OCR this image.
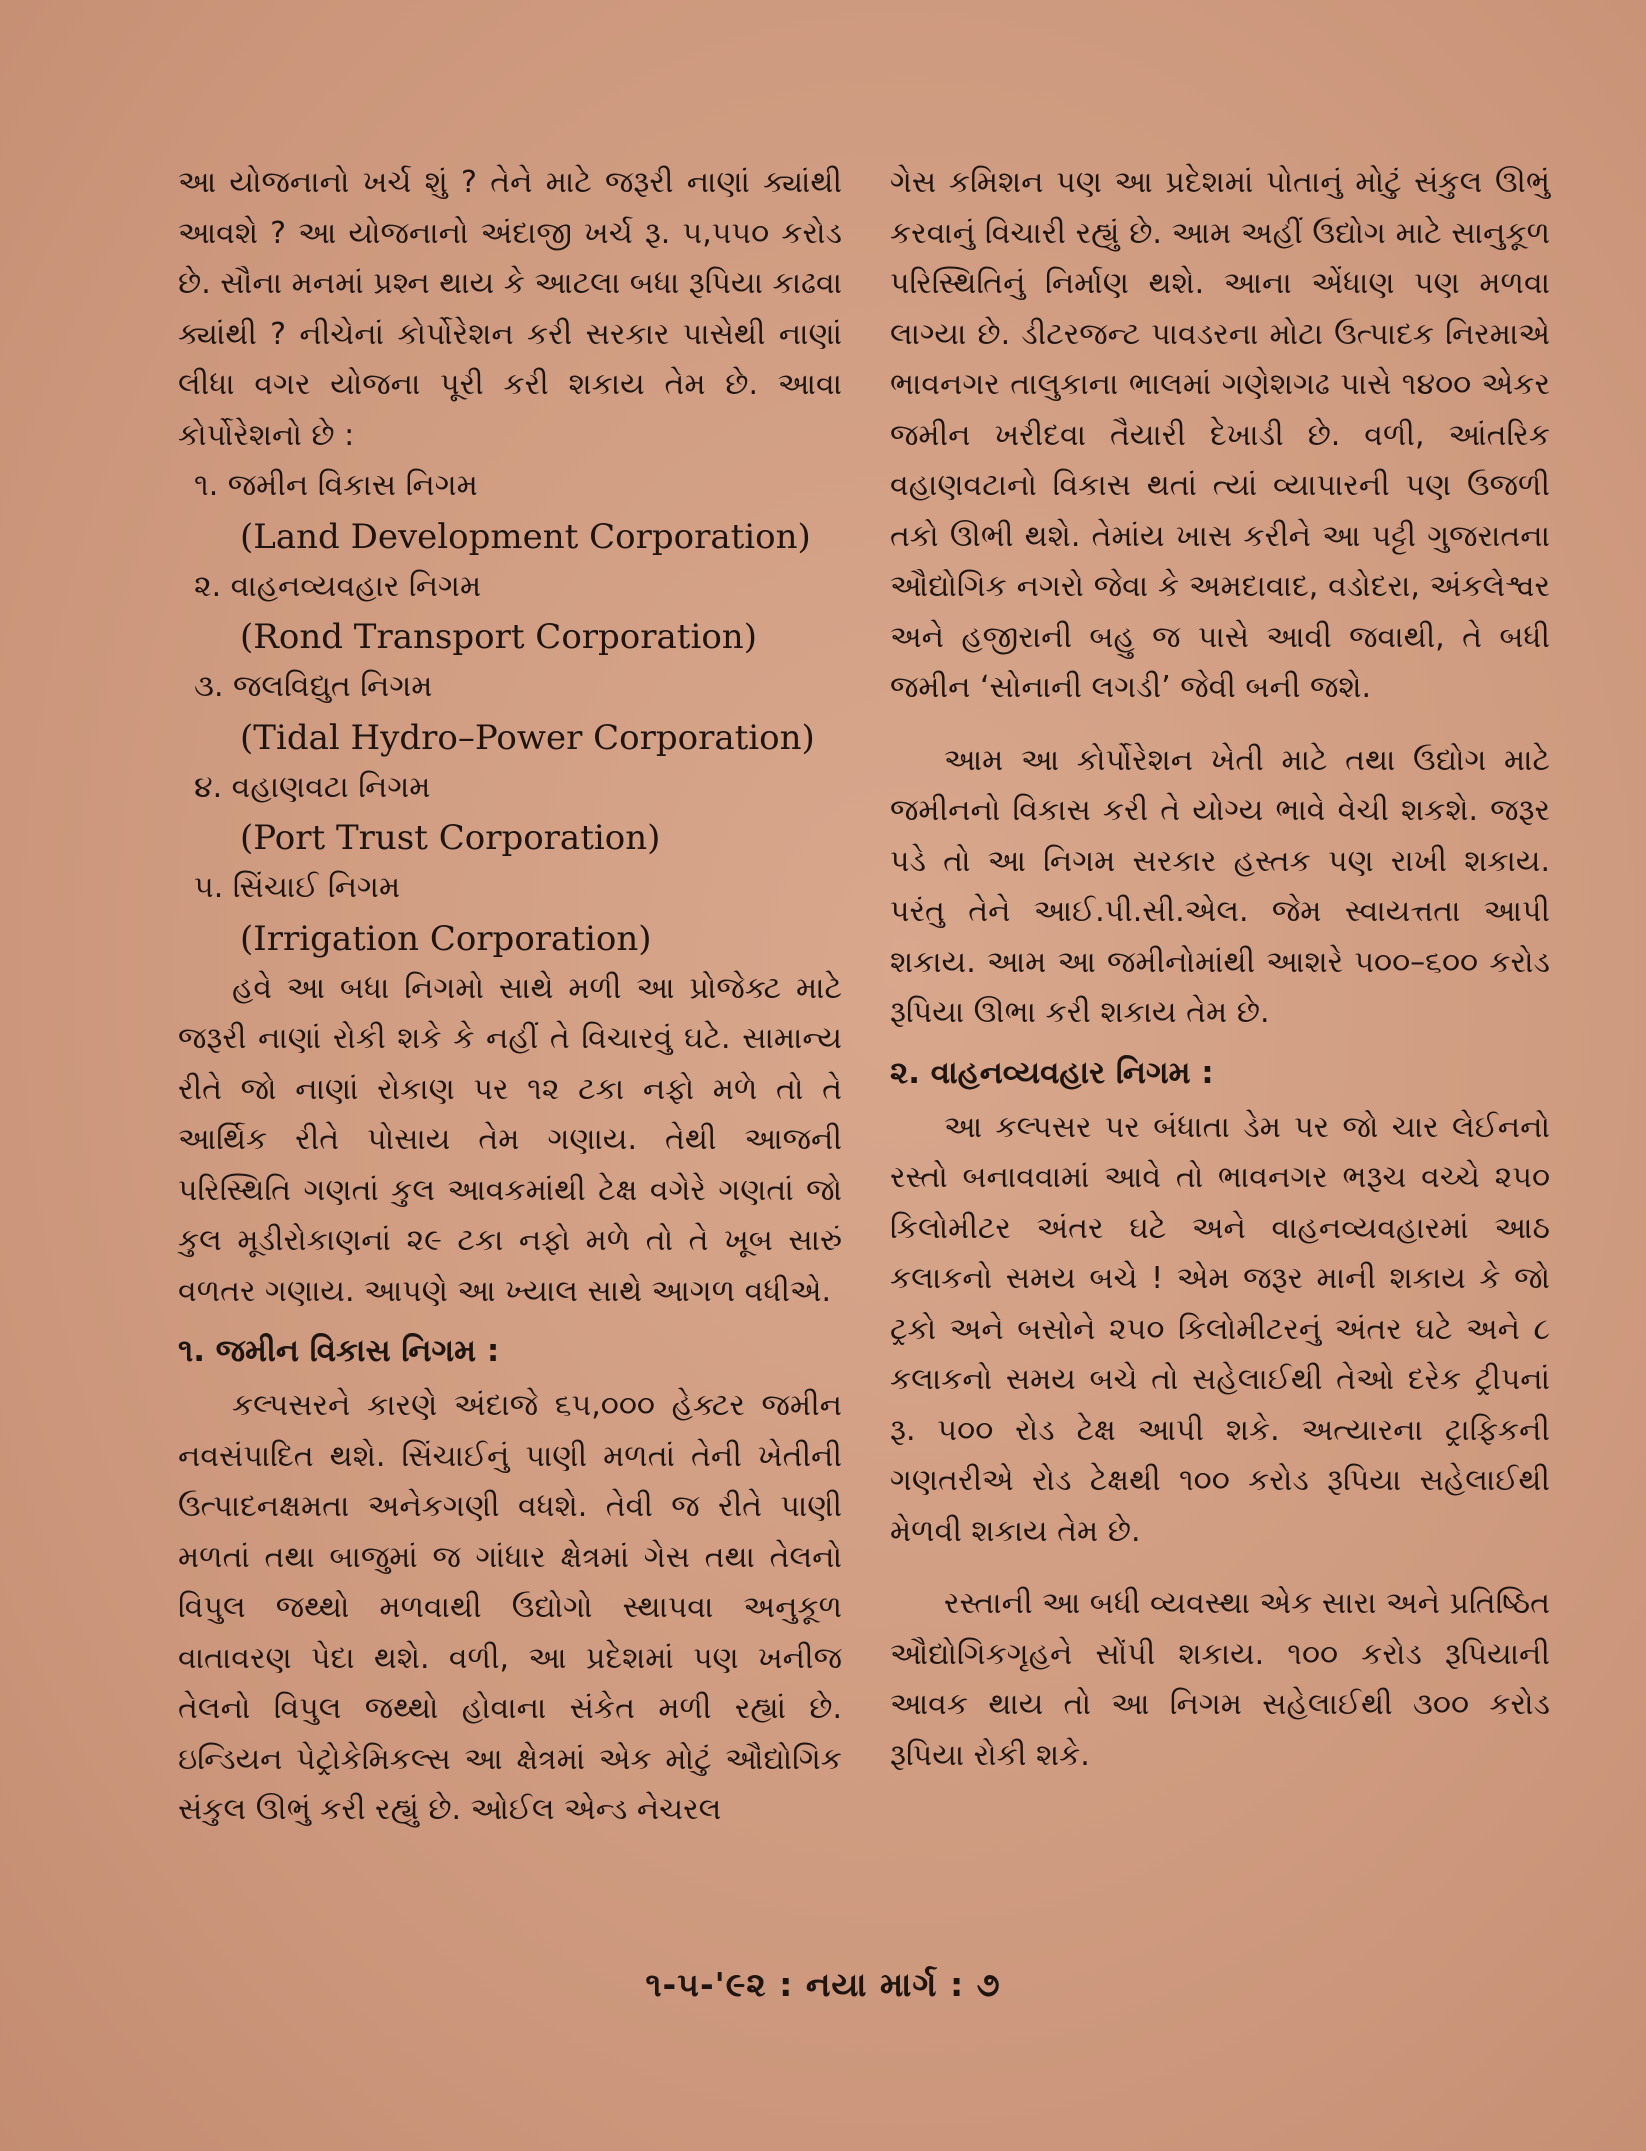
આ યોજનાનો ખર્ચ શું ? તેને માટે જરૂરી નાણાં ક્યાંથી આવશે ? આ યોજનાનો અંદાજી ખર્ચ રૂ. ૫,૫૫૦ કરોડ છે. સૌના મનમાં પ્રશ્ન થાય કે આટલા બધા રૂપિયા કાઢવા ક્યાંથી ? નીચેનાં કોર્પોરેશન કરી સરકાર પાસેથી નાણાં લીધા વગર યોજના પૂરી કરી શકાય તેમ છે. આવા કોર્પોરેશનો છે :

૧. જમીન વિકાસ નિગમ

(Land Development Corporation)

૨. વાહનવ્યવહાર નિગમ

(Rond Transport Corporation)

૩. જલવિદ્યુત નિગમ

(Tidal Hydro–Power Corporation)

૪. વહાણવટા નિગમ

(Port Trust Corporation)

૫. સિંચાઈ નિગમ

(Irrigation Corporation)

હવે આ બધા નિગમો સાથે મળી આ પ્રોજેક્ટ માટે જરૂરી નાણાં રોકી શકે કે નહીં તે વિચારવું ઘટે. સામાન્ય રીતે જો નાણાં રોકાણ પર ૧૨ ટકા નફો મળે તો તે આર્થિક રીતે પોસાય તેમ ગણાય. તેથી આજની પરિસ્થિતિ ગણતાં કુલ આવકમાંથી ટેક્ષ વગેરે ગણતાં જો કુલ મૂડીરોકાણનાં ૨૯ ટકા નફો મળે તો તે ખૂબ સારું વળતર ગણાય. આપણે આ ખ્યાલ સાથે આગળ વધીએ.

૧. જમીન વિકાસ નિગમ :

કલ્પસરને કારણે અંદાજે ૬૫,૦૦૦ હેક્ટર જમીન નવસંપાદિત થશે. સિંચાઈનું પાણી મળતાં તેની ખેતીની ઉત્પાદનક્ષમતા અનેકગણી વધશે. તેવી જ રીતે પાણી મળતાં તથા બાજુમાં જ ગાંધાર ક્ષેત્રમાં ગેસ તથા તેલનો વિપુલ જથ્થો મળવાથી ઉદ્યોગો સ્થાપવા અનુકૂળ વાતાવરણ પેદા થશે. વળી, આ પ્રદેશમાં પણ ખનીજ તેલનો વિપુલ જથ્થો હોવાના સંકેત મળી રહ્યાં છે. ઇન્ડિયન પેટ્રોકેમિકલ્સ આ ક્ષેત્રમાં એક મોટું ઔદ્યોગિક સંકુલ ઊભું કરી રહ્યું છે. ઓઈલ એન્ડ નેચરલ

ગેસ કમિશન પણ આ પ્રદેશમાં પોતાનું મોટું સંકુલ ઊભું કરવાનું વિચારી રહ્યું છે. આમ અહીં ઉદ્યોગ માટે સાનુકૂળ પરિસ્થિતિનું નિર્માણ થશે. આના એંધાણ પણ મળવા લાગ્યા છે. ડીટરજન્ટ પાવડરના મોટા ઉત્પાદક નિરમાએ ભાવનગર તાલુકાના ભાલમાં ગણેશગઢ પાસે ૧૪૦૦ એકર જમીન ખરીદવા તૈયારી દેખાડી છે. વળી, આંતરિક વહાણવટાનો વિકાસ થતાં ત્યાં વ્યાપારની પણ ઉજળી તકો ઊભી થશે. તેમાંય ખાસ કરીને આ પટ્ટી ગુજરાતના ઔદ્યોગિક નગરો જેવા કે અમદાવાદ, વડોદરા, અંકલેશ્વર અને હજીરાની બહુ જ પાસે આવી જવાથી, તે બધી જમીન ‘સોનાની લગડી’ જેવી બની જશે.

આમ આ કોર્પોરેશન ખેતી માટે તથા ઉદ્યોગ માટે જમીનનો વિકાસ કરી તે યોગ્ય ભાવે વેચી શકશે. જરૂર પડે તો આ નિગમ સરકાર હસ્તક પણ રાખી શકાય. પરંતુ તેને આઈ.પી.સી.એલ. જેમ સ્વાયત્તતા આપી શકાય. આમ આ જમીનોમાંથી આશરે ૫૦૦–૬૦૦ કરોડ રૂપિયા ઊભા કરી શકાય તેમ છે.

૨. વાહનવ્યવહાર નિગમ :

આ કલ્પસર પર બંધાતા ડેમ પર જો ચાર લેઈનનો રસ્તો બનાવવામાં આવે તો ભાવનગર ભરૂચ વચ્ચે ૨૫૦ કિલોમીટર અંતર ઘટે અને વાહનવ્યવહારમાં આઠ કલાકનો સમય બચે ! એમ જરૂર માની શકાય કે જો ટ્રકો અને બસોને ૨૫૦ કિલોમીટરનું અંતર ઘટે અને ૮ કલાકનો સમય બચે તો સહેલાઈથી તેઓ દરેક ટ્રીપનાં રૂ. ૫૦૦ રોડ ટેક્ષ આપી શકે. અત્યારના ટ્રાફિકની ગણતરીએ રોડ ટેક્ષથી ૧૦૦ કરોડ રૂપિયા સહેલાઈથી મેળવી શકાય તેમ છે.

રસ્તાની આ બધી વ્યવસ્થા એક સારા અને પ્રતિષ્ઠિત ઔદ્યોગિકગૃહને સોંપી શકાય. ૧૦૦ કરોડ રૂપિયાની આવક થાય તો આ નિગમ સહેલાઈથી ૩૦૦ કરોડ રૂપિયા રોકી શકે.

૧-૫-'૯૨ : નયા માર્ગ : ૭
